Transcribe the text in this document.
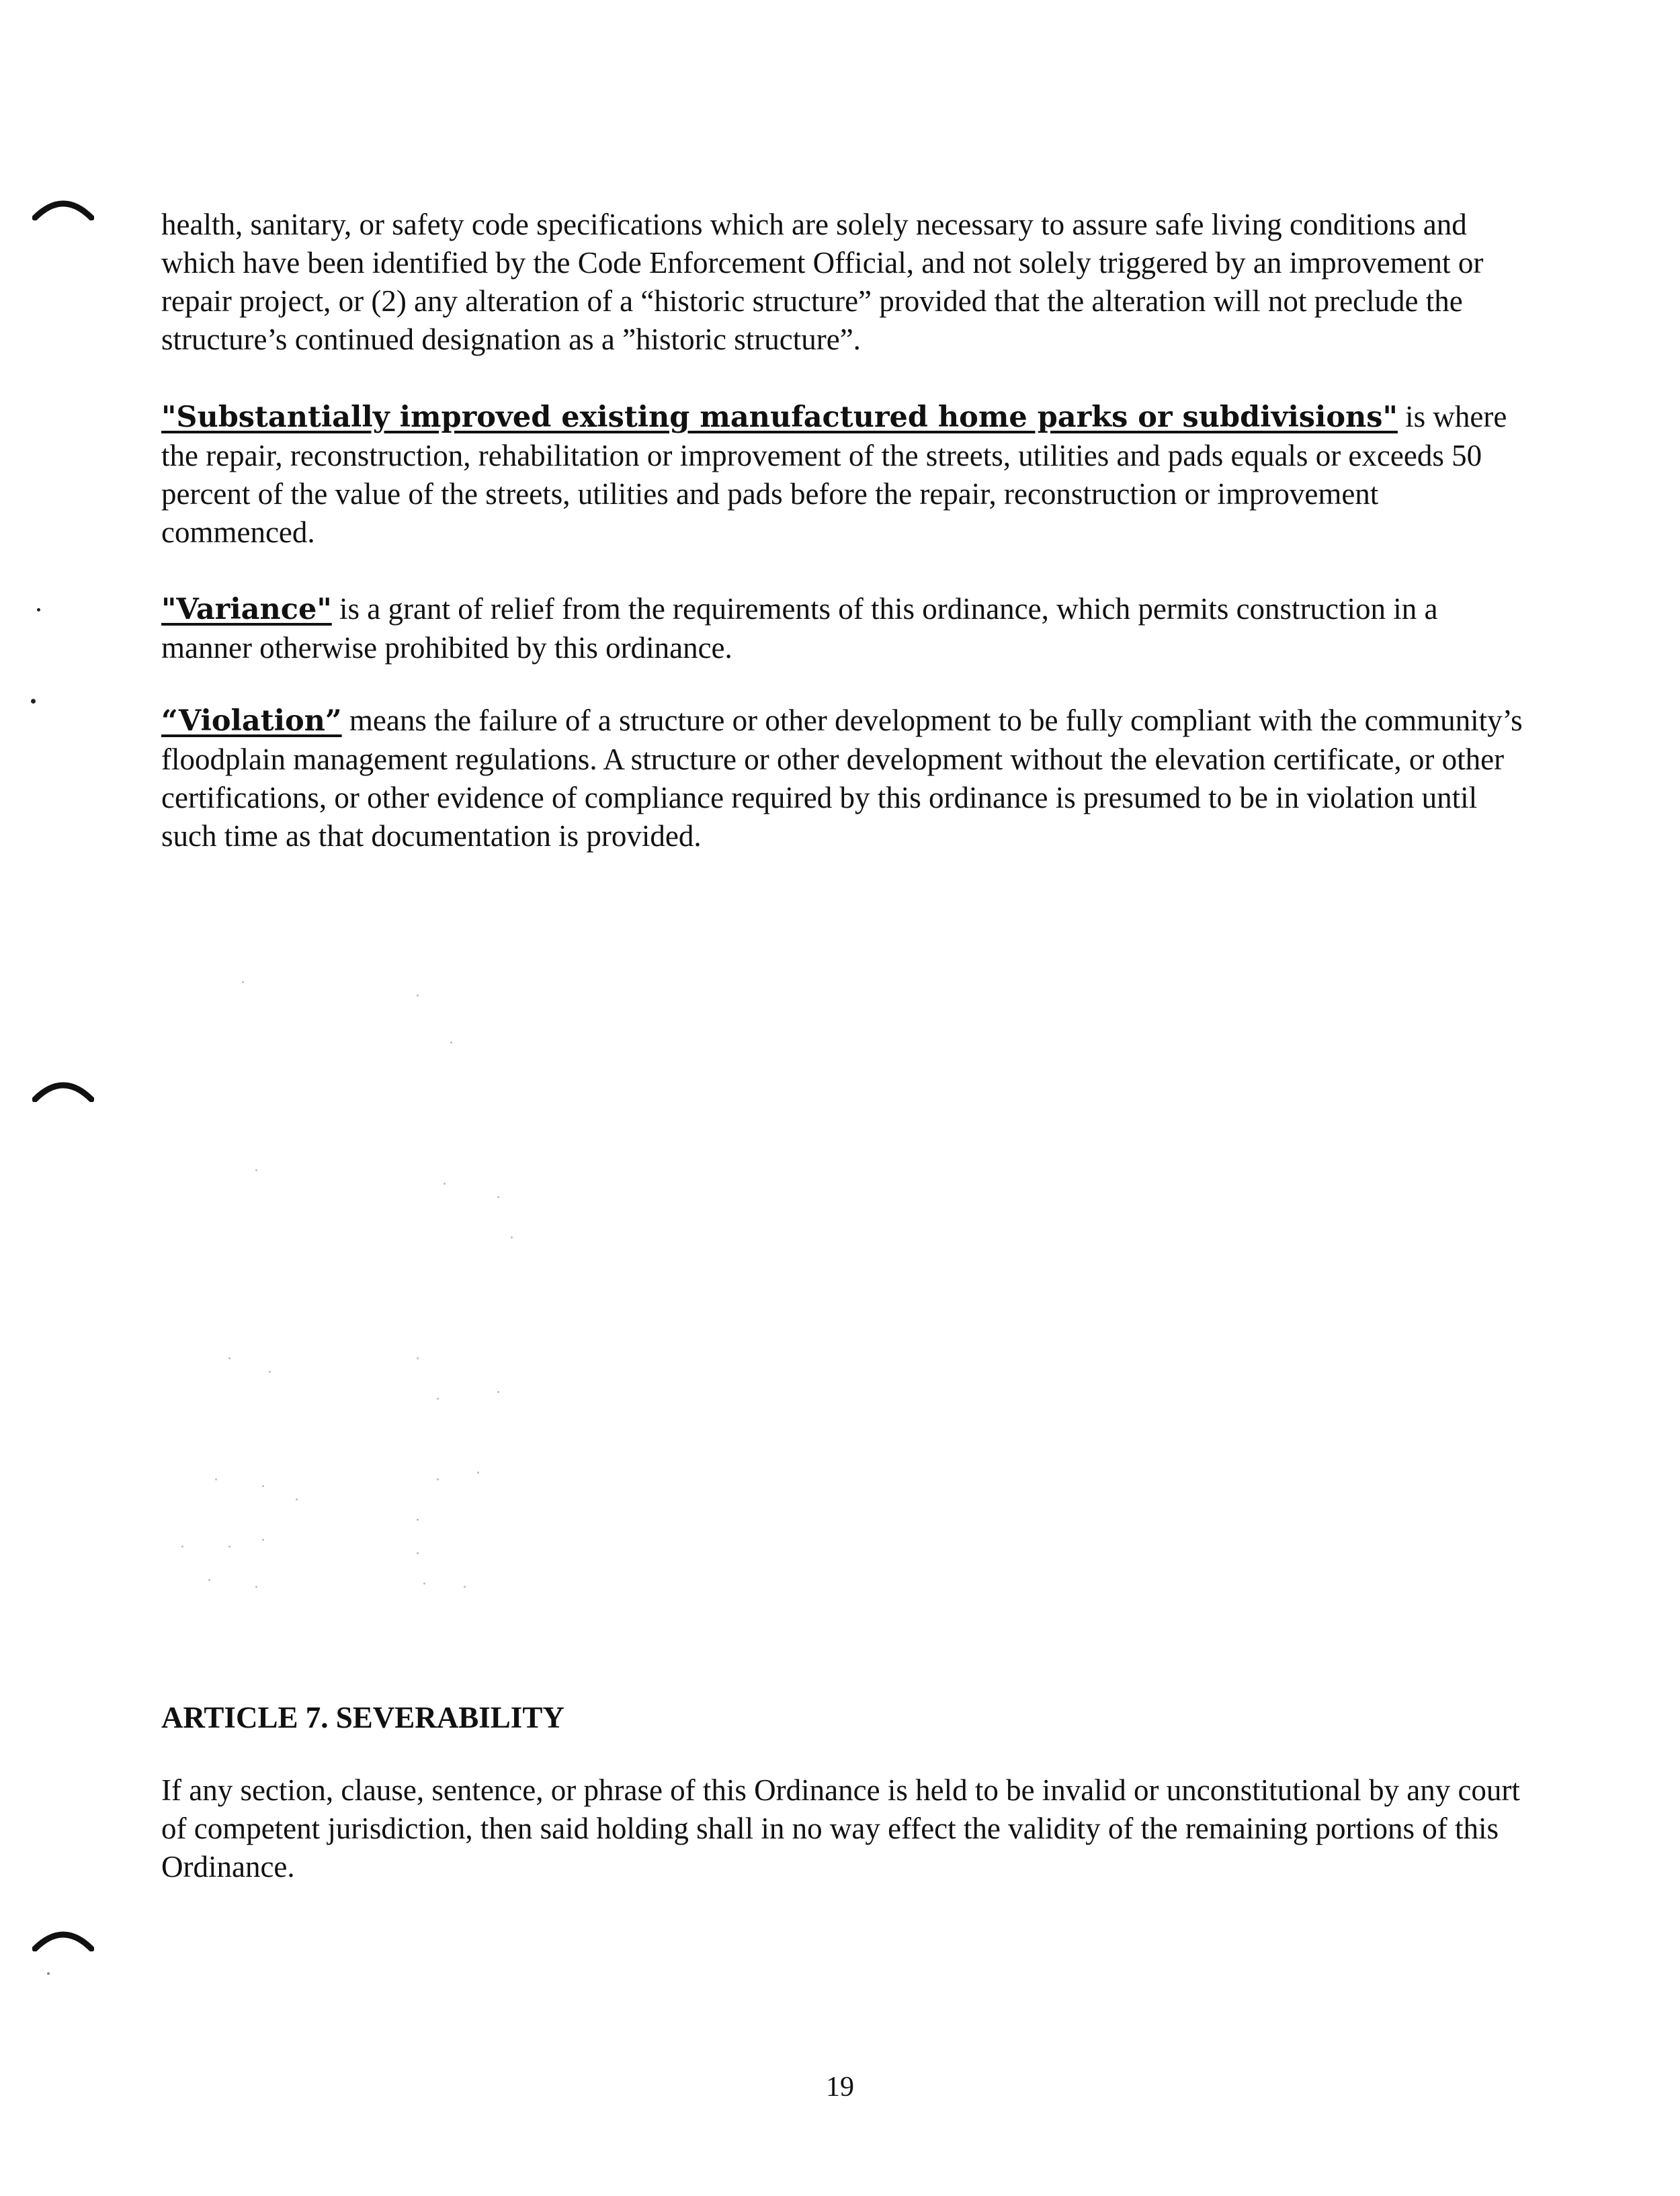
health, sanitary, or safety code specifications which are solely necessary to assure safe living conditions and which have been identified by the Code Enforcement Official, and not solely triggered by an improvement or repair project, or (2) any alteration of a “historic structure” provided that the alteration will not preclude the structure’s continued designation as a ”historic structure”.

"Substantially improved existing manufactured home parks or subdivisions" is where the repair, reconstruction, rehabilitation or improvement of the streets, utilities and pads equals or exceeds 50 percent of the value of the streets, utilities and pads before the repair, reconstruction or improvement commenced.

"Variance" is a grant of relief from the requirements of this ordinance, which permits construction in a manner otherwise prohibited by this ordinance.

“Violation” means the failure of a structure or other development to be fully compliant with the community’s floodplain management regulations. A structure or other development without the elevation certificate, or other certifications, or other evidence of compliance required by this ordinance is presumed to be in violation until such time as that documentation is provided.

ARTICLE 7. SEVERABILITY

If any section, clause, sentence, or phrase of this Ordinance is held to be invalid or unconstitutional by any court of competent jurisdiction, then said holding shall in no way effect the validity of the remaining portions of this Ordinance.

19
